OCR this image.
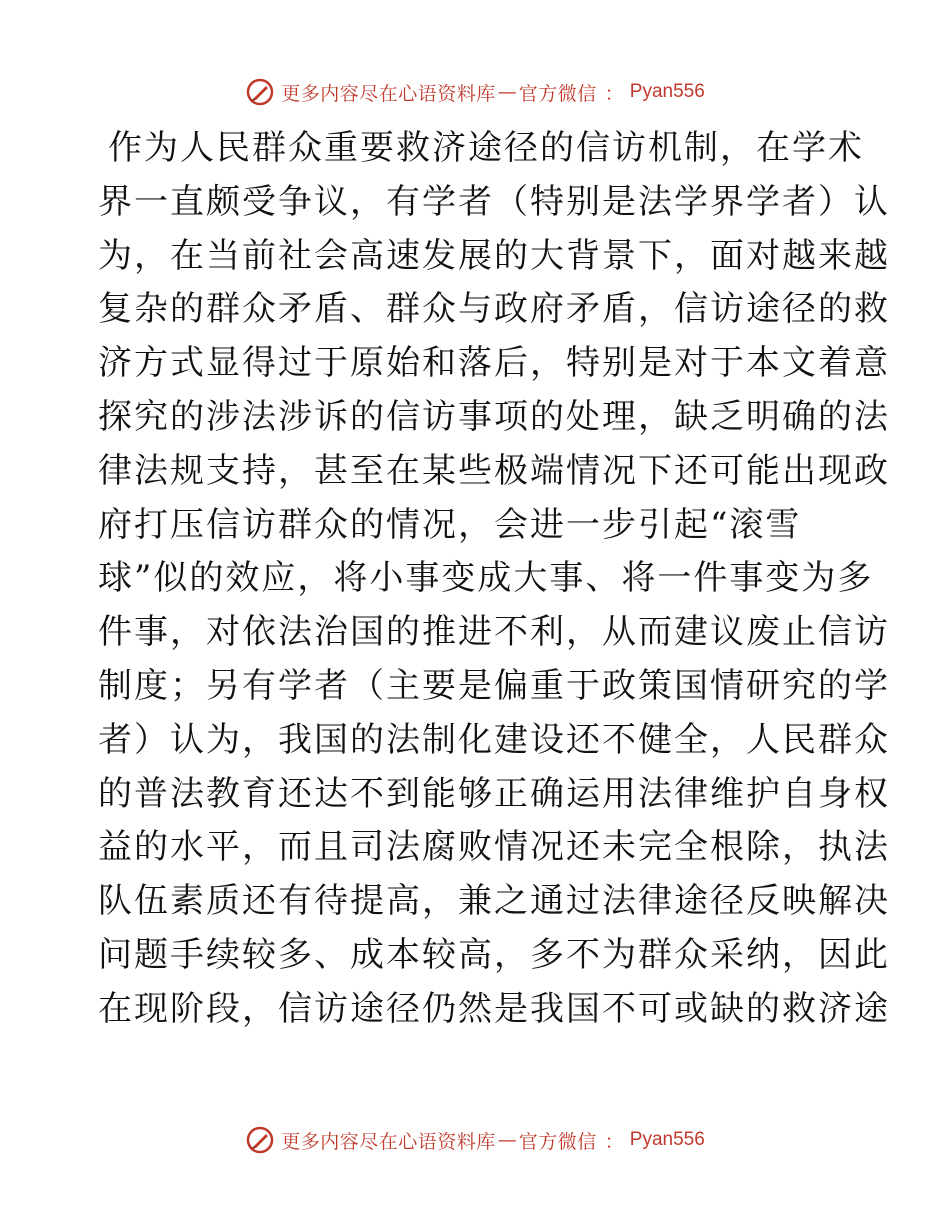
更多内容尽在心语资料库 — 官方微信 ： Pyan556
作为人民群众重要救济途径的信访机制，在学术
界一直颇受争议，有学者（特别是法学界学者）认
为，在当前社会高速发展的大背景下，面对越来越
复杂的群众矛盾、群众与政府矛盾，信访途径的救
济方式显得过于原始和落后，特别是对于本文着意
探究的涉法涉诉的信访事项的处理，缺乏明确的法
律法规支持，甚至在某些极端情况下还可能出现政
府打压信访群众的情况，会进一步引起“滚雪
球”似的效应，将小事变成大事、将一件事变为多
件事，对依法治国的推进不利，从而建议废止信访
制度；另有学者（主要是偏重于政策国情研究的学
者）认为，我国的法制化建设还不健全，人民群众
的普法教育还达不到能够正确运用法律维护自身权
益的水平，而且司法腐败情况还未完全根除，执法
队伍素质还有待提高，兼之通过法律途径反映解决
问题手续较多、成本较高，多不为群众采纳，因此
在现阶段，信访途径仍然是我国不可或缺的救济途
更多内容尽在心语资料库 — 官方微信 ： Pyan556
